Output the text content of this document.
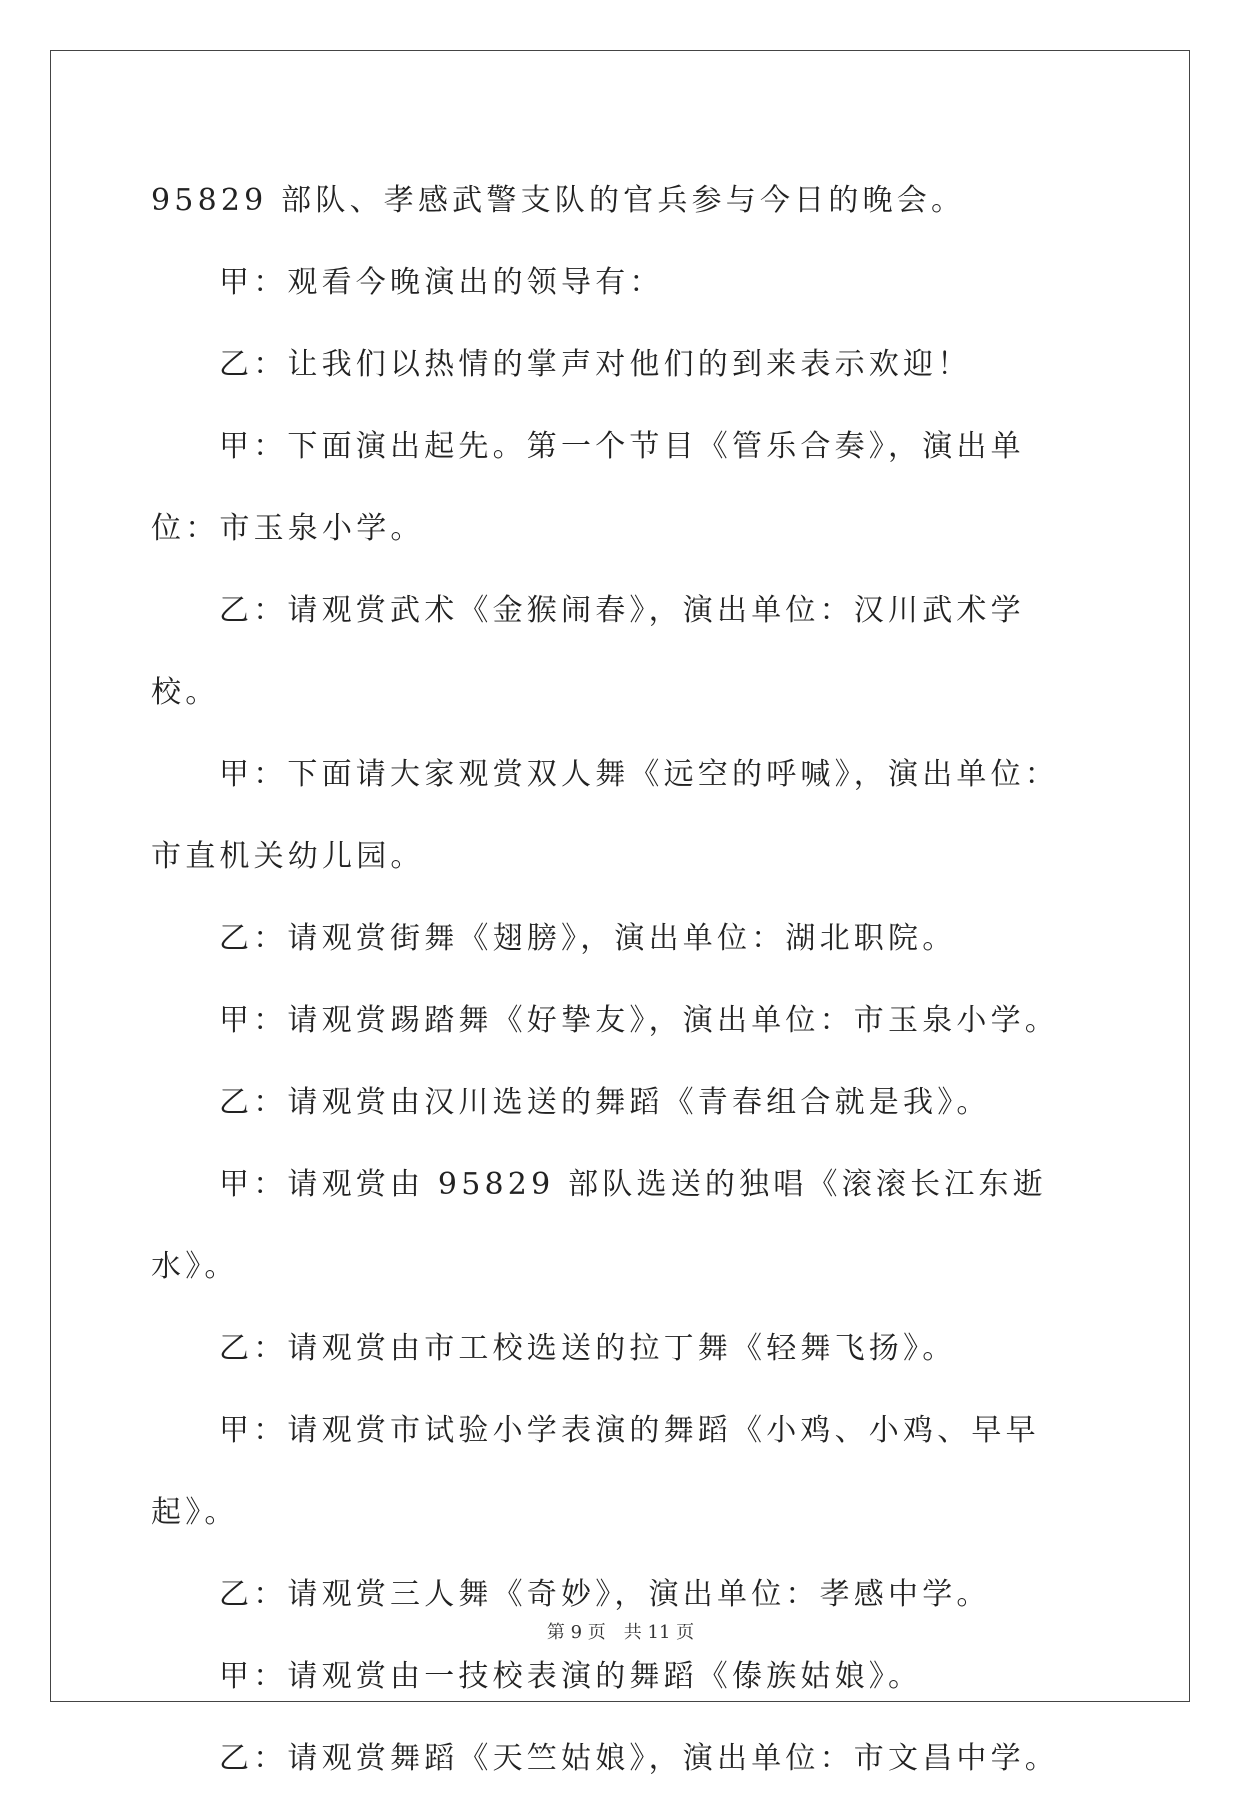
95829 部队、孝感武警支队的官兵参与今日的晚会。

甲：观看今晚演出的领导有：

乙：让我们以热情的掌声对他们的到来表示欢迎！

甲：下面演出起先。第一个节目《管乐合奏》，演出单位：市玉泉小学。

乙：请观赏武术《金猴闹春》，演出单位：汉川武术学校。

甲：下面请大家观赏双人舞《远空的呼喊》，演出单位：市直机关幼儿园。

乙：请观赏街舞《翅膀》，演出单位：湖北职院。

甲：请观赏踢踏舞《好挚友》，演出单位：市玉泉小学。

乙：请观赏由汉川选送的舞蹈《青春组合就是我》。

甲：请观赏由 95829 部队选送的独唱《滚滚长江东逝水》。

乙：请观赏由市工校选送的拉丁舞《轻舞飞扬》。

甲：请观赏市试验小学表演的舞蹈《小鸡、小鸡、早早起》。

乙：请观赏三人舞《奇妙》，演出单位：孝感中学。

甲：请观赏由一技校表演的舞蹈《傣族姑娘》。

乙：请观赏舞蹈《天竺姑娘》，演出单位：市文昌中学。

第 9 页　共 11 页
